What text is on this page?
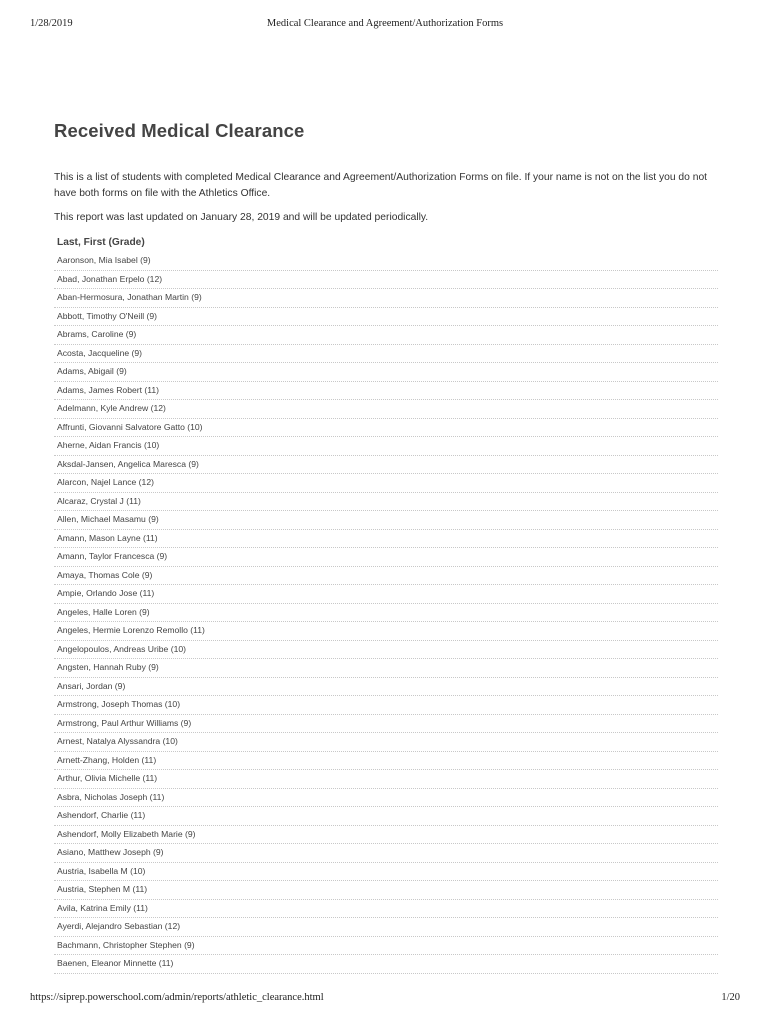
1/28/2019	Medical Clearance and Agreement/Authorization Forms
Received Medical Clearance

This is a list of students with completed Medical Clearance and Agreement/Authorization Forms on file. If your name is not on the list you do not have both forms on file with the Athletics Office.

This report was last updated on January 28, 2019 and will be updated periodically.

Last, First (Grade)
Aaronson, Mia Isabel (9)
Abad, Jonathan Erpelo (12)
Aban-Hermosura, Jonathan Martin (9)
Abbott, Timothy O'Neill (9)
Abrams, Caroline (9)
Acosta, Jacqueline (9)
Adams, Abigail (9)
Adams, James Robert (11)
Adelmann, Kyle Andrew (12)
Affrunti, Giovanni Salvatore Gatto (10)
Aherne, Aidan Francis (10)
Aksdal-Jansen, Angelica Maresca (9)
Alarcon, Najel Lance (12)
Alcaraz, Crystal J (11)
Allen, Michael Masamu (9)
Amann, Mason Layne (11)
Amann, Taylor Francesca (9)
Amaya, Thomas Cole (9)
Ampie, Orlando Jose (11)
Angeles, Halle Loren (9)
Angeles, Hermie Lorenzo Remollo (11)
Angelopoulos, Andreas Uribe (10)
Angsten, Hannah Ruby (9)
Ansari, Jordan (9)
Armstrong, Joseph Thomas (10)
Armstrong, Paul Arthur Williams (9)
Arnest, Natalya Alyssandra (10)
Arnett-Zhang, Holden (11)
Arthur, Olivia Michelle (11)
Asbra, Nicholas Joseph (11)
Ashendorf, Charlie (11)
Ashendorf, Molly Elizabeth Marie (9)
Asiano, Matthew Joseph (9)
Austria, Isabella M (10)
Austria, Stephen M (11)
Avila, Katrina Emily (11)
Ayerdi, Alejandro Sebastian (12)
Bachmann, Christopher Stephen (9)
Baenen, Eleanor Minnette (11)
https://siprep.powerschool.com/admin/reports/athletic_clearance.html	1/20
